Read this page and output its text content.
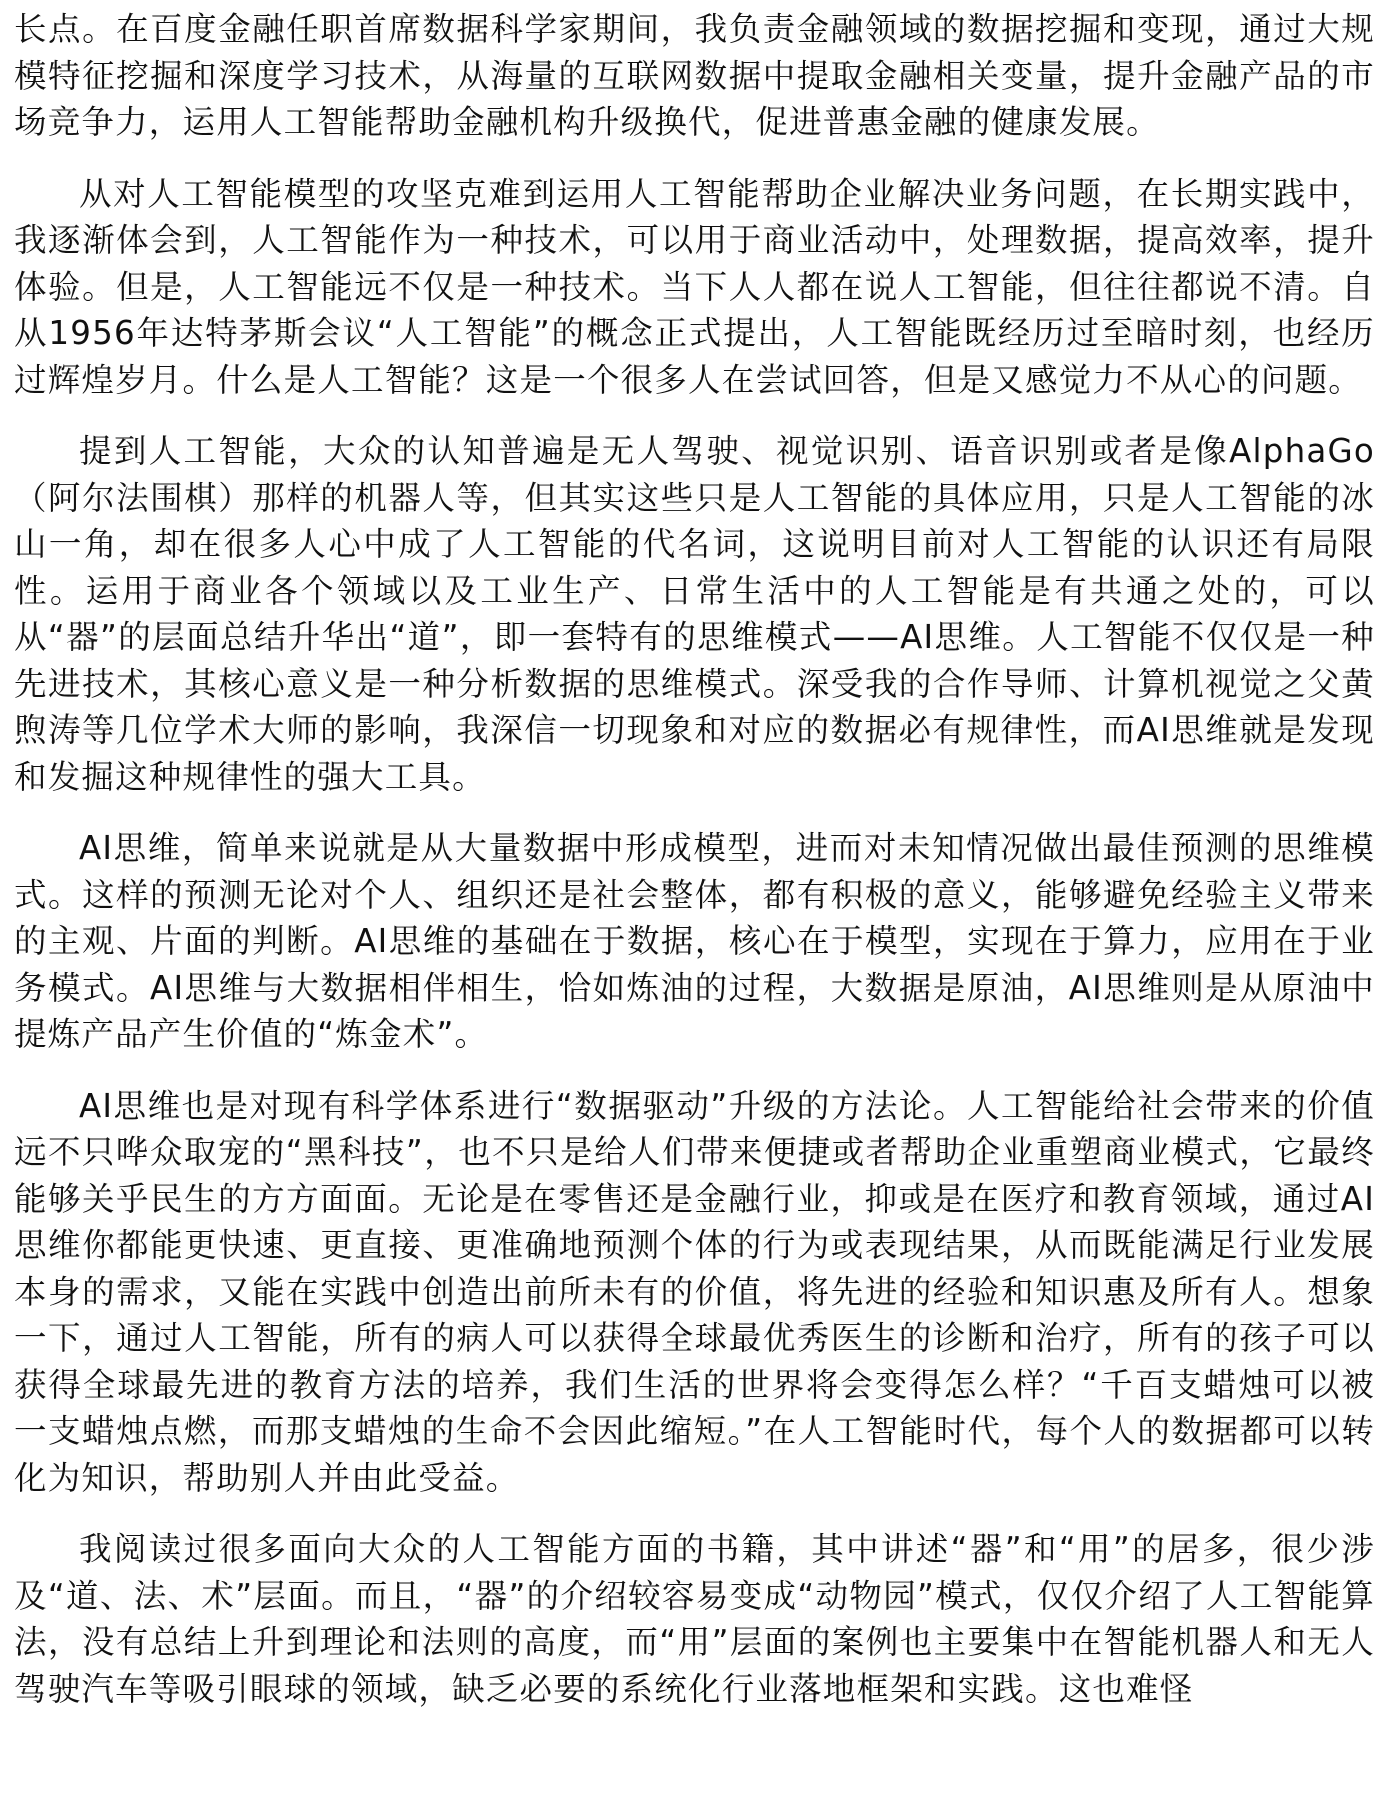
长点。在百度金融任职首席数据科学家期间，我负责金融领域的数据挖掘和变现，通过大规模特征挖掘和深度学习技术，从海量的互联网数据中提取金融相关变量，提升金融产品的市场竞争力，运用人工智能帮助金融机构升级换代，促进普惠金融的健康发展。

从对人工智能模型的攻坚克难到运用人工智能帮助企业解决业务问题，在长期实践中，我逐渐体会到，人工智能作为一种技术，可以用于商业活动中，处理数据，提高效率，提升体验。但是，人工智能远不仅是一种技术。当下人人都在说人工智能，但往往都说不清。自从1956年达特茅斯会议“人工智能”的概念正式提出，人工智能既经历过至暗时刻，也经历过辉煌岁月。什么是人工智能？这是一个很多人在尝试回答，但是又感觉力不从心的问题。

提到人工智能，大众的认知普遍是无人驾驶、视觉识别、语音识别或者是像AlphaGo（阿尔法围棋）那样的机器人等，但其实这些只是人工智能的具体应用，只是人工智能的冰山一角，却在很多人心中成了人工智能的代名词，这说明目前对人工智能的认识还有局限性。运用于商业各个领域以及工业生产、日常生活中的人工智能是有共通之处的，可以从“器”的层面总结升华出“道”，即一套特有的思维模式——AI思维。人工智能不仅仅是一种先进技术，其核心意义是一种分析数据的思维模式。深受我的合作导师、计算机视觉之父黄煦涛等几位学术大师的影响，我深信一切现象和对应的数据必有规律性，而AI思维就是发现和发掘这种规律性的强大工具。

AI思维，简单来说就是从大量数据中形成模型，进而对未知情况做出最佳预测的思维模式。这样的预测无论对个人、组织还是社会整体，都有积极的意义，能够避免经验主义带来的主观、片面的判断。AI思维的基础在于数据，核心在于模型，实现在于算力，应用在于业务模式。AI思维与大数据相伴相生，恰如炼油的过程，大数据是原油，AI思维则是从原油中提炼产品产生价值的“炼金术”。

AI思维也是对现有科学体系进行“数据驱动”升级的方法论。人工智能给社会带来的价值远不只哗众取宠的“黑科技”，也不只是给人们带来便捷或者帮助企业重塑商业模式，它最终能够关乎民生的方方面面。无论是在零售还是金融行业，抑或是在医疗和教育领域，通过AI思维你都能更快速、更直接、更准确地预测个体的行为或表现结果，从而既能满足行业发展本身的需求，又能在实践中创造出前所未有的价值，将先进的经验和知识惠及所有人。想象一下，通过人工智能，所有的病人可以获得全球最优秀医生的诊断和治疗，所有的孩子可以获得全球最先进的教育方法的培养，我们生活的世界将会变得怎么样？“千百支蜡烛可以被一支蜡烛点燃，而那支蜡烛的生命不会因此缩短。”在人工智能时代，每个人的数据都可以转化为知识，帮助别人并由此受益。

我阅读过很多面向大众的人工智能方面的书籍，其中讲述“器”和“用”的居多，很少涉及“道、法、术”层面。而且，“器”的介绍较容易变成“动物园”模式，仅仅介绍了人工智能算法，没有总结上升到理论和法则的高度，而“用”层面的案例也主要集中在智能机器人和无人驾驶汽车等吸引眼球的领域，缺乏必要的系统化行业落地框架和实践。这也难怪
